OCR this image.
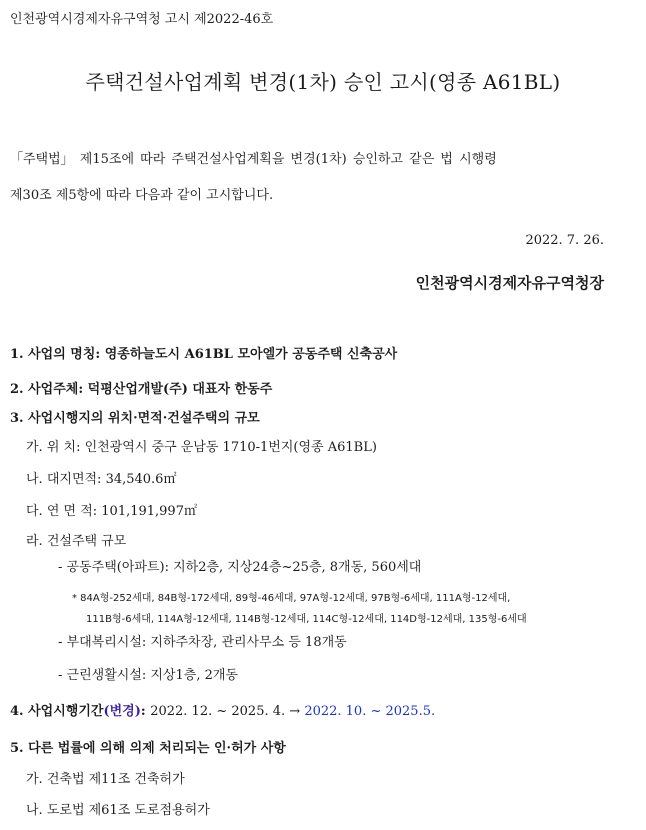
인천광역시경제자유구역청 고시 제2022-46호
주택건설사업계획 변경(1차) 승인 고시(영종 A61BL)
「주택법」 제15조에 따라 주택건설사업계획을 변경(1차) 승인하고 같은 법 시행령
제30조 제5항에 따라 다음과 같이 고시합니다.
2022. 7. 26.
인천광역시경제자유구역청장
1. 사업의 명칭: 영종하늘도시 A61BL 모아엘가 공동주택 신축공사
2. 사업주체: 덕평산업개발(주) 대표자 한동주
3. 사업시행지의 위치·면적·건설주택의 규모
가. 위 치: 인천광역시 중구 운남동 1710-1번지(영종 A61BL)
나. 대지면적: 34,540.6㎡
다. 연 면 적: 101,191,997㎡
라. 건설주택 규모
- 공동주택(아파트): 지하2층, 지상24층~25층, 8개동, 560세대
* 84A형-252세대, 84B형-172세대, 89형-46세대, 97A형-12세대, 97B형-6세대, 111A형-12세대,
111B형-6세대, 114A형-12세대, 114B형-12세대, 114C형-12세대, 114D형-12세대, 135형-6세대
- 부대복리시설: 지하주차장, 관리사무소 등 18개동
- 근린생활시설: 지상1층, 2개동
4. 사업시행기간(변경): 2022. 12. ~ 2025. 4. → 2022. 10. ~ 2025.5.
5. 다른 법률에 의해 의제 처리되는 인·허가 사항
가. 건축법 제11조 건축허가
나. 도로법 제61조 도로점용허가
